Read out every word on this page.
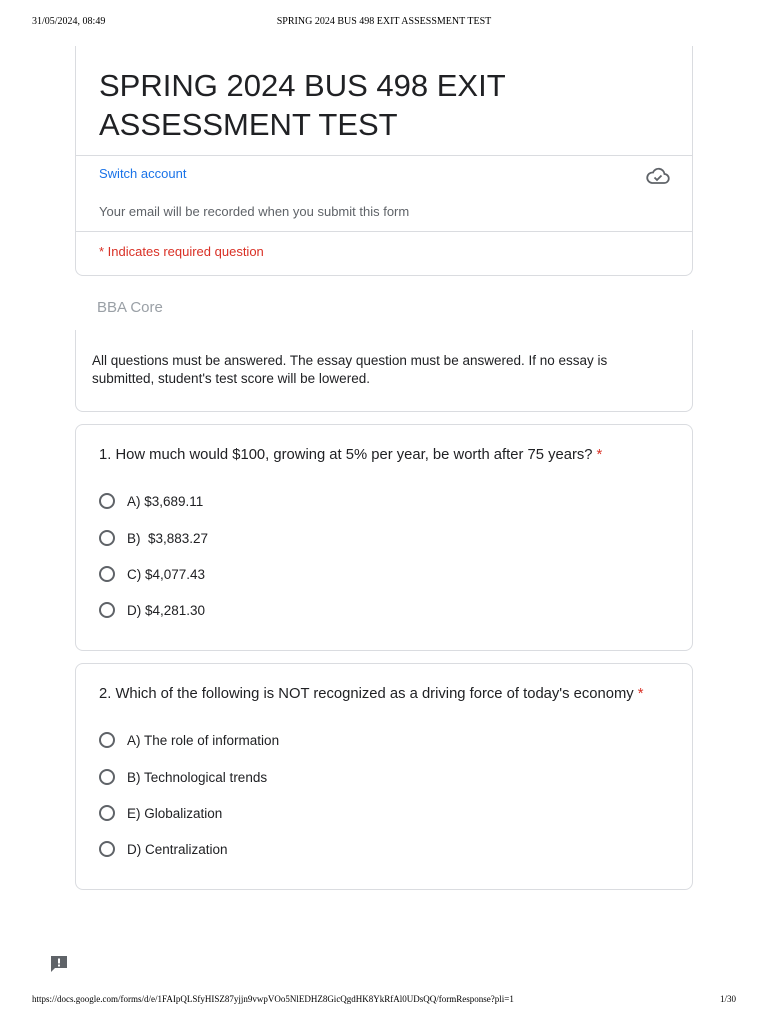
31/05/2024, 08:49	SPRING 2024 BUS 498 EXIT ASSESSMENT TEST
SPRING 2024 BUS 498 EXIT ASSESSMENT TEST
Switch account
Your email will be recorded when you submit this form
* Indicates required question
BBA Core
All questions must be answered. The essay question must be answered. If no essay is submitted, student's test score will be lowered.
1. How much would $100, growing at 5% per year, be worth after 75 years? *
A) $3,689.11
B)  $3,883.27
C) $4,077.43
D) $4,281.30
2. Which of the following is NOT recognized as a driving force of today's economy *
A) The role of information
B) Technological trends
E) Globalization
D) Centralization
https://docs.google.com/forms/d/e/1FAIpQLSfyHISZ87yjjn9vwpVOo5NlEDHZ8GicQgdHK8YkRfAl0UDsQQ/formResponse?pli=1	1/30
